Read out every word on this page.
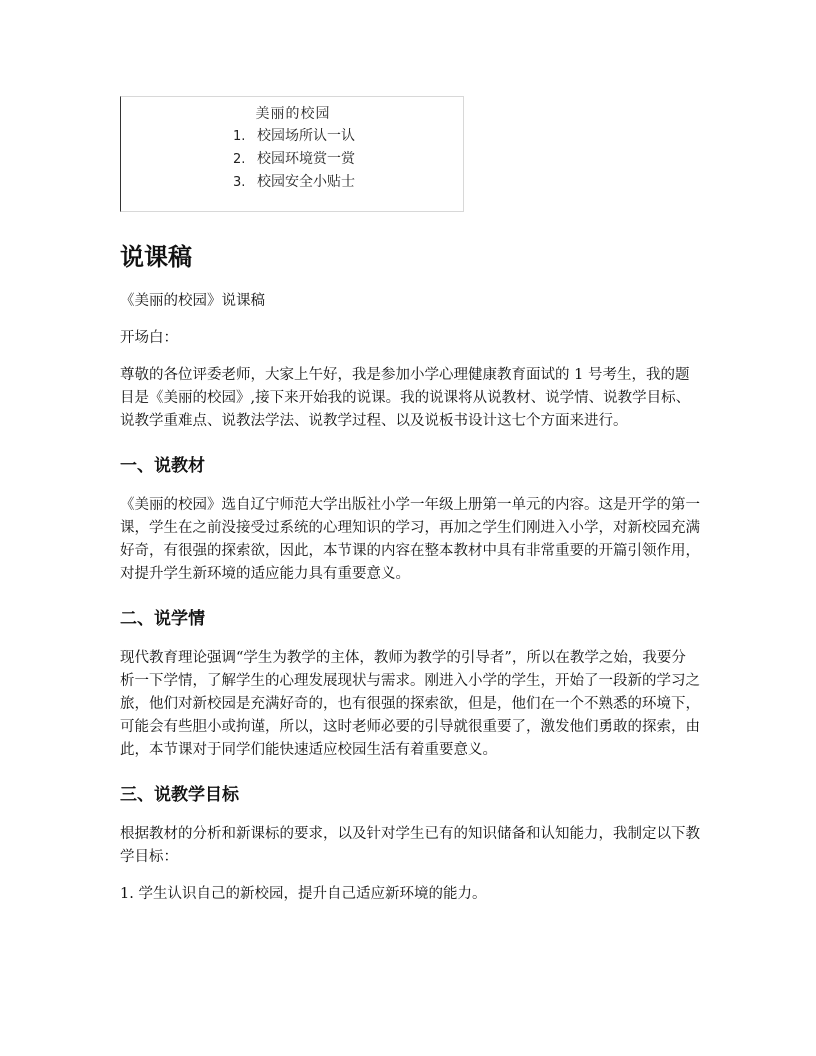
美丽的校园
1. 校园场所认一认
2. 校园环境赏一赏
3. 校园安全小贴士
说课稿

《美丽的校园》说课稿

开场白：

尊敬的各位评委老师，大家上午好，我是参加小学心理健康教育面试的 1 号考生，我的题目是《美丽的校园》,接下来开始我的说课。我的说课将从说教材、说学情、说教学目标、说教学重难点、说教法学法、说教学过程、以及说板书设计这七个方面来进行。

一、说教材

《美丽的校园》选自辽宁师范大学出版社小学一年级上册第一单元的内容。这是开学的第一课，学生在之前没接受过系统的心理知识的学习，再加之学生们刚进入小学，对新校园充满好奇，有很强的探索欲，因此，本节课的内容在整本教材中具有非常重要的开篇引领作用，对提升学生新环境的适应能力具有重要意义。

二、说学情

现代教育理论强调“学生为教学的主体，教师为教学的引导者”，所以在教学之始，我要分析一下学情，了解学生的心理发展现状与需求。刚进入小学的学生，开始了一段新的学习之旅，他们对新校园是充满好奇的，也有很强的探索欲，但是，他们在一个不熟悉的环境下，可能会有些胆小或拘谨，所以，这时老师必要的引导就很重要了，激发他们勇敢的探索，由此，本节课对于同学们能快速适应校园生活有着重要意义。

三、说教学目标

根据教材的分析和新课标的要求，以及针对学生已有的知识储备和认知能力，我制定以下教学目标：

1. 学生认识自己的新校园，提升自己适应新环境的能力。
